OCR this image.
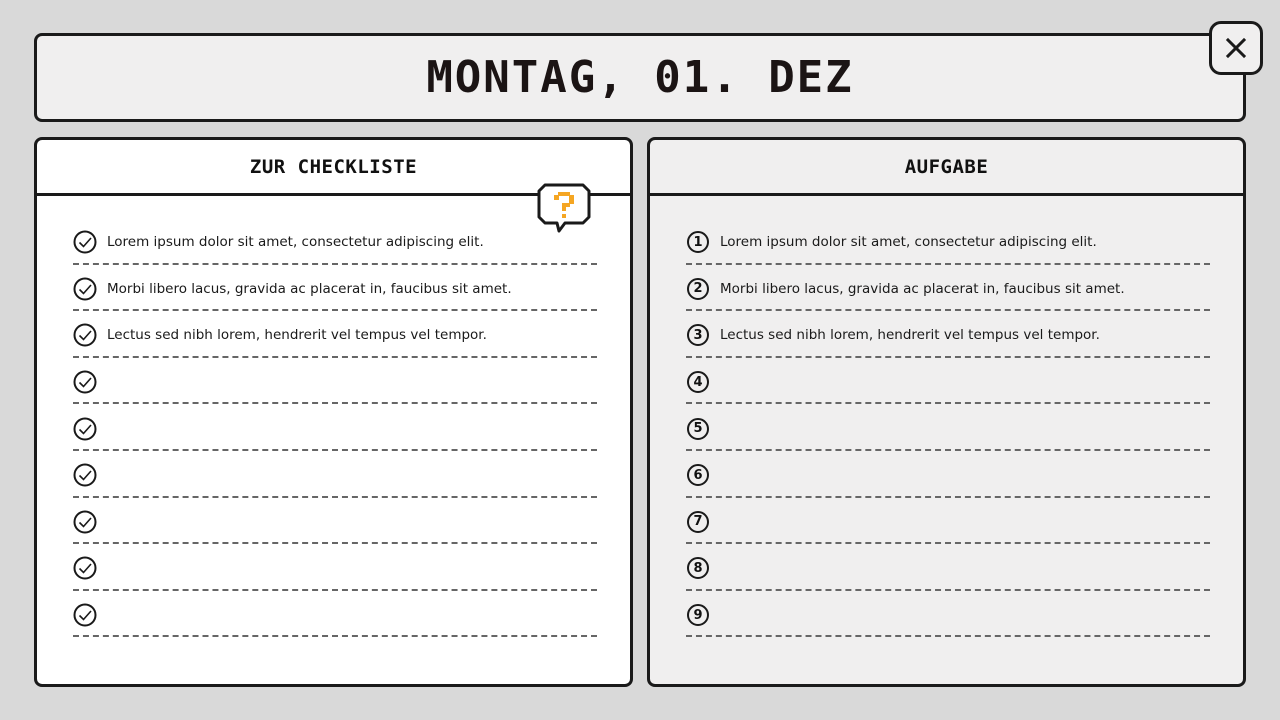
MONTAG, 01. DEZ
ZUR CHECKLISTE
Lorem ipsum dolor sit amet, consectetur adipiscing elit.
Morbi libero lacus, gravida ac placerat in, faucibus sit amet.
Lectus sed nibh lorem, hendrerit vel tempus vel tempor.
AUFGABE
1	Lorem ipsum dolor sit amet, consectetur adipiscing elit.
2	Morbi libero lacus, gravida ac placerat in, faucibus sit amet.
3	Lectus sed nibh lorem, hendrerit vel tempus vel tempor.
4
5
6
7
8
9
